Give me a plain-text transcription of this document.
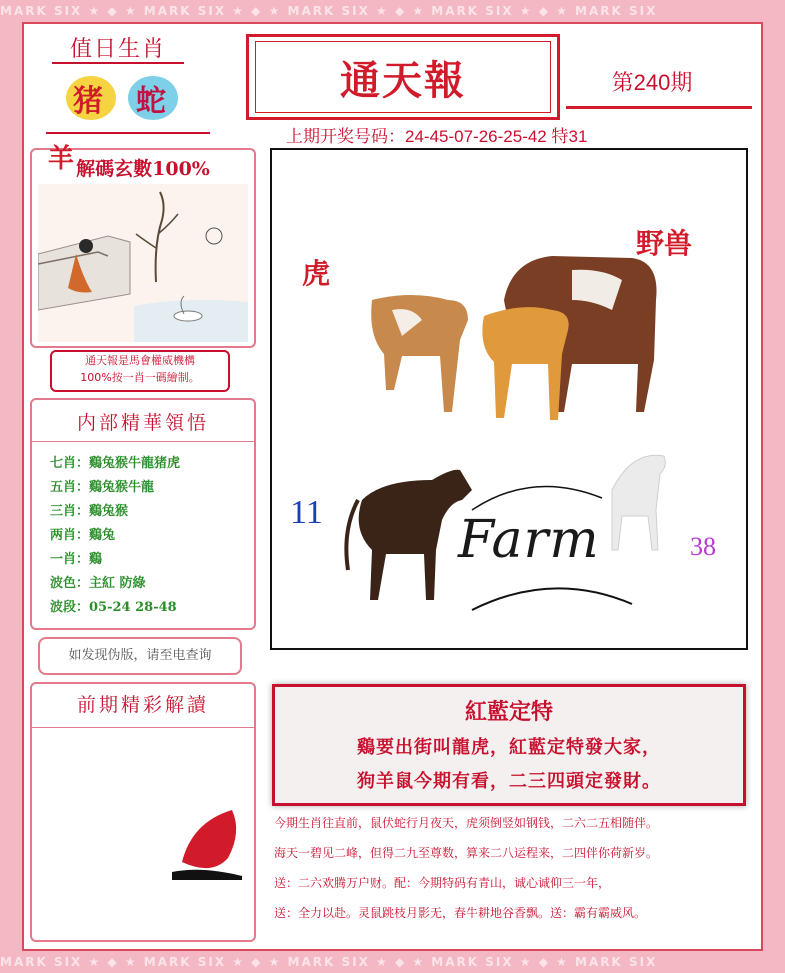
MARK SIX ★ ◆ ★ MARK SIX ★ ◆ ★ MARK SIX ★ ◆ ★ MARK SIX ★ ◆ ★ MARK SIX
MARK SIX ★ ◆ ★ MARK SIX ★ ◆ ★ MARK SIX ★ ◆ ★ MARK SIX ★ ◆ ★ MARK SIX
值日生肖
猪 蛇
解碼玄數100%
通天報是馬會權威機構
100%按一肖一碼繪制。
内部精華領悟
七肖：鷄兔猴牛龍猪虎
五肖：鷄兔猴牛龍
三肖：鷄兔猴
两肖：鷄兔
一肖：鷄
波色：主紅 防綠
波段：05-24 28-48
如发现伪版，请至电查询
前期精彩解讀
羊
通天報	第240期
上期开奖号码：24-45-07-26-25-42 特31
虎
野兽
11
38
Farm
紅藍定特
鷄要出街叫龍虎，紅藍定特發大家，
狗羊鼠今期有看，二三四頭定發財。
今期生肖往直前，鼠伏蛇行月夜天，虎须倒竖如钢钱，二六二五相随伴。
海天一碧见二峰，但得二九至尊数，算来二八运程来，二四伴你荷新岁。
送：二六欢腾万户财。配：今期特码有青山，诚心诚仰三一年，
送：全力以赴。灵鼠跳枝月影无，春牛耕地谷香飘。送：霸有霸威风。
